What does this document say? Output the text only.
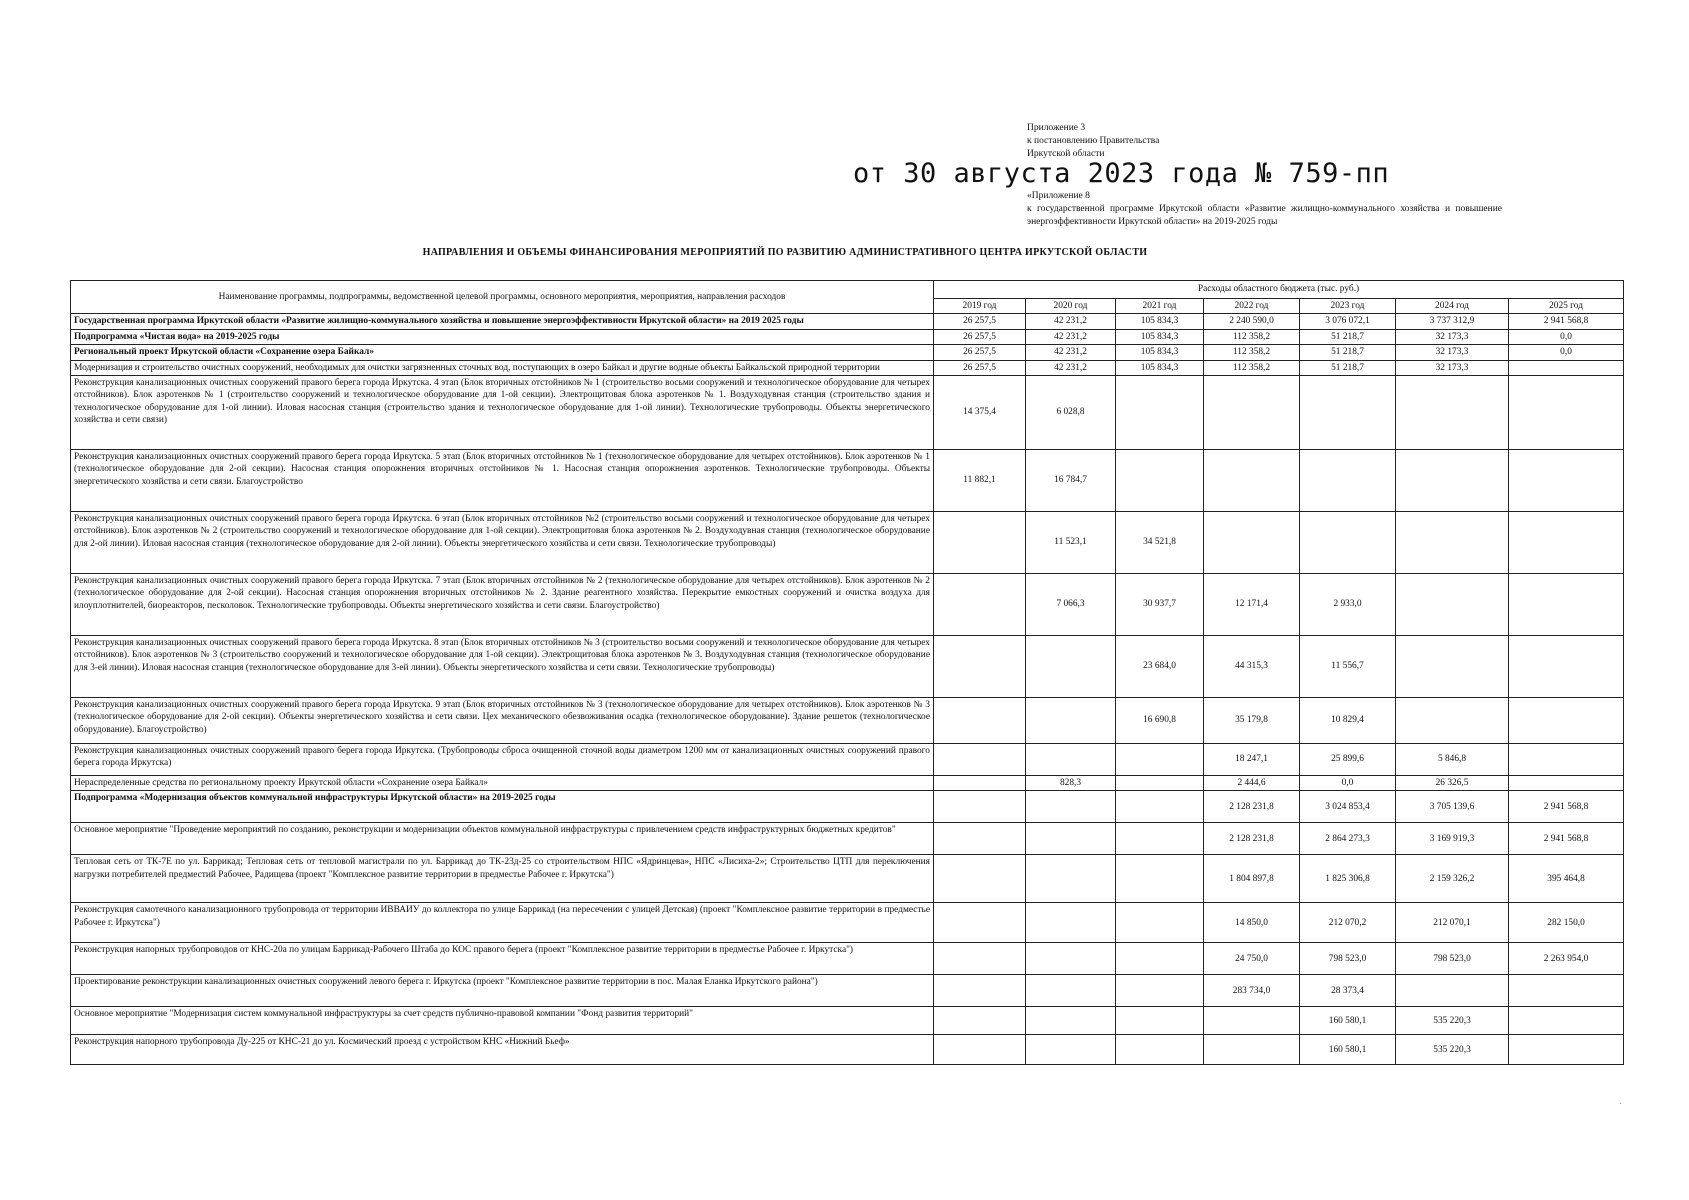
Приложение 3
к постановлению Правительства
Иркутской области
от 30 августа 2023 года № 759-пп
«Приложение 8
к государственной программе Иркутской области «Развитие жилищно-коммунального хозяйства и повышение энергоэффективности Иркутской области» на 2019-2025 годы
НАПРАВЛЕНИЯ И ОБЪЕМЫ ФИНАНСИРОВАНИЯ МЕРОПРИЯТИЙ ПО РАЗВИТИЮ АДМИНИСТРАТИВНОГО ЦЕНТРА ИРКУТСКОЙ ОБЛАСТИ
Наименование программы, подпрограммы, ведомственной целевой программы, основного мероприятия, мероприятия, направления расходов	Расходы областного бюджета (тыс. руб.)						
	2019 год	2020 год	2021 год	2022 год	2023 год	2024 год	2025 год
Государственная программа Иркутской области «Развитие жилищно-коммунального хозяйства и повышение энергоэффективности Иркутской области» на 2019 2025 годы	26 257,5	42 231,2	105 834,3	2 240 590,0	3 076 072,1	3 737 312,9	2 941 568,8
Подпрограмма «Чистая вода» на 2019-2025 годы	26 257,5	42 231,2	105 834,3	112 358,2	51 218,7	32 173,3	0,0
Региональный проект Иркутской области «Сохранение озера Байкал»	26 257,5	42 231,2	105 834,3	112 358,2	51 218,7	32 173,3	0,0
Модернизация и строительство очистных сооружений, необходимых для очистки загрязненных сточных вод, поступающих в озеро Байкал и другие водные объекты Байкальской природной территории	26 257,5	42 231,2	105 834,3	112 358,2	51 218,7	32 173,3	
Реконструкция канализационных очистных сооружений правого берега города Иркутска. 4 этап (Блок вторичных отстойников № 1 (строительство восьми сооружений и технологическое оборудование для четырех отстойников). Блок аэротенков № 1 (строительство сооружений и технологическое оборудование для 1-ой секции). Электрощитовая блока аэротенков № 1. Воздуходувная станция (строительство здания и технологическое оборудование для 1-ой линии). Иловая насосная станция (строительство здания и технологическое оборудование для 1-ой линии). Технологические трубопроводы. Объекты энергетического хозяйства и сети связи)	14 375,4	6 028,8					
Реконструкция канализационных очистных сооружений правого берега города Иркутска. 5 этап (Блок вторичных отстойников № 1 (технологическое оборудование для четырех отстойников). Блок аэротенков № 1 (технологическое оборудование для 2-ой секции). Насосная станция опорожнения вторичных отстойников № 1. Насосная станция опорожнения аэротенков. Технологические трубопроводы. Объекты энергетического хозяйства и сети связи. Благоустройство	11 882,1	16 784,7					
Реконструкция канализационных очистных сооружений правого берега города Иркутска. 6 этап (Блок вторичных отстойников №2 (строительство восьми сооружений и технологическое оборудование для четырех отстойников). Блок аэротенков № 2 (строительство сооружений и технологическое оборудование для 1-ой секции). Электрощитовая блока аэротенков № 2. Воздуходувная станция (технологическое оборудование для 2-ой линии). Иловая насосная станция (технологическое оборудование для 2-ой линии). Объекты энергетического хозяйства и сети связи. Технологические трубопроводы)		11 523,1	34 521,8				
Реконструкция канализационных очистных сооружений правого берега города Иркутска. 7 этап (Блок вторичных отстойников № 2 (технологическое оборудование для четырех отстойников). Блок аэротенков № 2 (технологическое оборудование для 2-ой секции). Насосная станция опорожнения вторичных отстойников № 2. Здание реагентного хозяйства. Перекрытие емкостных сооружений и очистка воздуха для илоуплотнителей, биореакторов, песколовок. Технологические трубопроводы. Объекты энергетического хозяйства и сети связи. Благоустройство)		7 066,3	30 937,7	12 171,4	2 933,0		
Реконструкция канализационных очистных сооружений правого берега города Иркутска. 8 этап (Блок вторичных отстойников № 3 (строительство восьми сооружений и технологическое оборудование для четырех отстойников). Блок аэротенков № 3 (строительство сооружений и технологическое оборудование для 1-ой секции). Электрощитовая блока аэротенков № 3. Воздуходувная станция (технологическое оборудование для 3-ей линии). Иловая насосная станция (технологическое оборудование для 3-ей линии). Объекты энергетического хозяйства и сети связи. Технологические трубопроводы)			23 684,0	44 315,3	11 556,7		
Реконструкция канализационных очистных сооружений правого берега города Иркутска. 9 этап (Блок вторичных отстойников № 3 (технологическое оборудование для четырех отстойников). Блок аэротенков № 3 (технологическое оборудование для 2-ой секции). Объекты энергетического хозяйства и сети связи. Цех механического обезвоживания осадка (технологическое оборудование). Здание решеток (технологическое оборудование). Благоустройство)			16 690,8	35 179,8	10 829,4		
Реконструкция канализационных очистных сооружений правого берега города Иркутска. (Трубопроводы сброса очищенной сточной воды диаметром 1200 мм от канализационных очистных сооружений правого берега города Иркутска)				18 247,1	25 899,6	5 846,8	
Нераспределенные средства по региональному проекту Иркутской области «Сохранение озера Байкал»		828,3		2 444,6	0,0	26 326,5	
Подпрограмма «Модернизация объектов коммунальной инфраструктуры Иркутской области» на 2019-2025 годы				2 128 231,8	3 024 853,4	3 705 139,6	2 941 568,8
Основное мероприятие "Проведение мероприятий по созданию, реконструкции и модернизации объектов коммунальной инфраструктуры с привлечением средств инфраструктурных бюджетных кредитов"				2 128 231,8	2 864 273,3	3 169 919,3	2 941 568,8
Тепловая сеть от ТК-7Е по ул. Баррикад; Тепловая сеть от тепловой магистрали по ул. Баррикад до ТК-23д-25 со строительством НПС «Ядринцева», НПС «Лисиха-2»; Строительство ЦТП для переключения нагрузки потребителей предместий Рабочее, Радищева (проект "Комплексное развитие территории в предместье Рабочее г. Иркутска")				1 804 897,8	1 825 306,8	2 159 326,2	395 464,8
Реконструкция самотечного канализационного трубопровода от территории ИВВАИУ до коллектора по улице Баррикад (на пересечении с улицей Детская) (проект "Комплексное развитие территории в предместье Рабочее г. Иркутска")				14 850,0	212 070,2	212 070,1	282 150,0
Реконструкция напорных трубопроводов от КНС-20а по улицам Баррикад-Рабочего Штаба до КОС правого берега (проект "Комплексное развитие территории в предместье Рабочее г. Иркутска")				24 750,0	798 523,0	798 523,0	2 263 954,0
Проектирование реконструкции канализационных очистных сооружений левого берега г. Иркутска (проект "Комплексное развитие территории в пос. Малая Еланка Иркутского района")				283 734,0	28 373,4		
Основное мероприятие "Модернизация систем коммунальной инфраструктуры за счет средств публично-правовой компании "Фонд развития территорий"					160 580,1	535 220,3	
Реконструкция напорного трубопровода Ду-225 от КНС-21 до ул. Космический проезд с устройством КНС «Нижний Бьеф»					160 580,1	535 220,3	
·
